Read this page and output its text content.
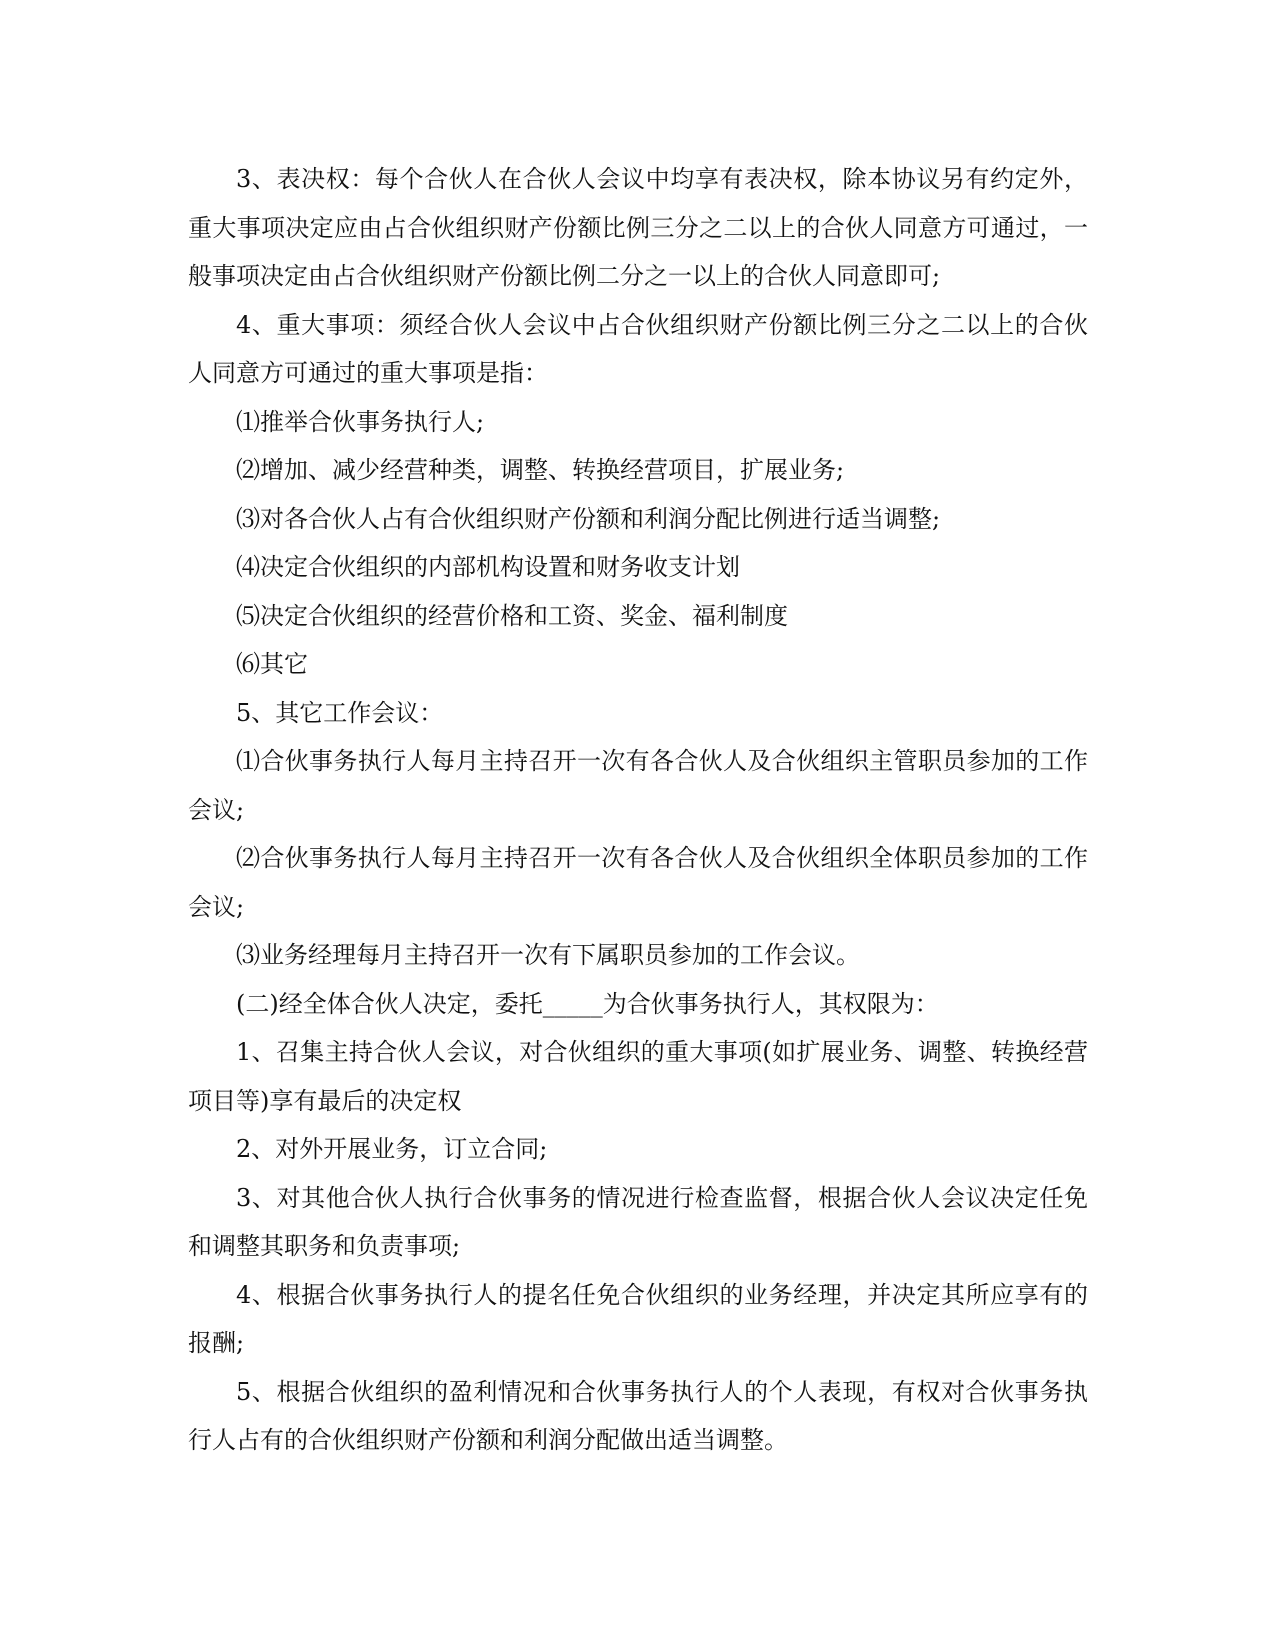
3、表决权：每个合伙人在合伙人会议中均享有表决权，除本协议另有约定外，重大事项决定应由占合伙组织财产份额比例三分之二以上的合伙人同意方可通过，一般事项决定由占合伙组织财产份额比例二分之一以上的合伙人同意即可;

4、重大事项：须经合伙人会议中占合伙组织财产份额比例三分之二以上的合伙人同意方可通过的重大事项是指：

⑴推举合伙事务执行人;

⑵增加、减少经营种类，调整、转换经营项目，扩展业务;

⑶对各合伙人占有合伙组织财产份额和利润分配比例进行适当调整;

⑷决定合伙组织的内部机构设置和财务收支计划

⑸决定合伙组织的经营价格和工资、奖金、福利制度

⑹其它

5、其它工作会议：

⑴合伙事务执行人每月主持召开一次有各合伙人及合伙组织主管职员参加的工作会议;

⑵合伙事务执行人每月主持召开一次有各合伙人及合伙组织全体职员参加的工作会议;

⑶业务经理每月主持召开一次有下属职员参加的工作会议。

(二)经全体合伙人决定，委托_____为合伙事务执行人，其权限为：

1、召集主持合伙人会议，对合伙组织的重大事项(如扩展业务、调整、转换经营项目等)享有最后的决定权

2、对外开展业务，订立合同;

3、对其他合伙人执行合伙事务的情况进行检查监督，根据合伙人会议决定任免和调整其职务和负责事项;

4、根据合伙事务执行人的提名任免合伙组织的业务经理，并决定其所应享有的报酬;

5、根据合伙组织的盈利情况和合伙事务执行人的个人表现，有权对合伙事务执行人占有的合伙组织财产份额和利润分配做出适当调整。
